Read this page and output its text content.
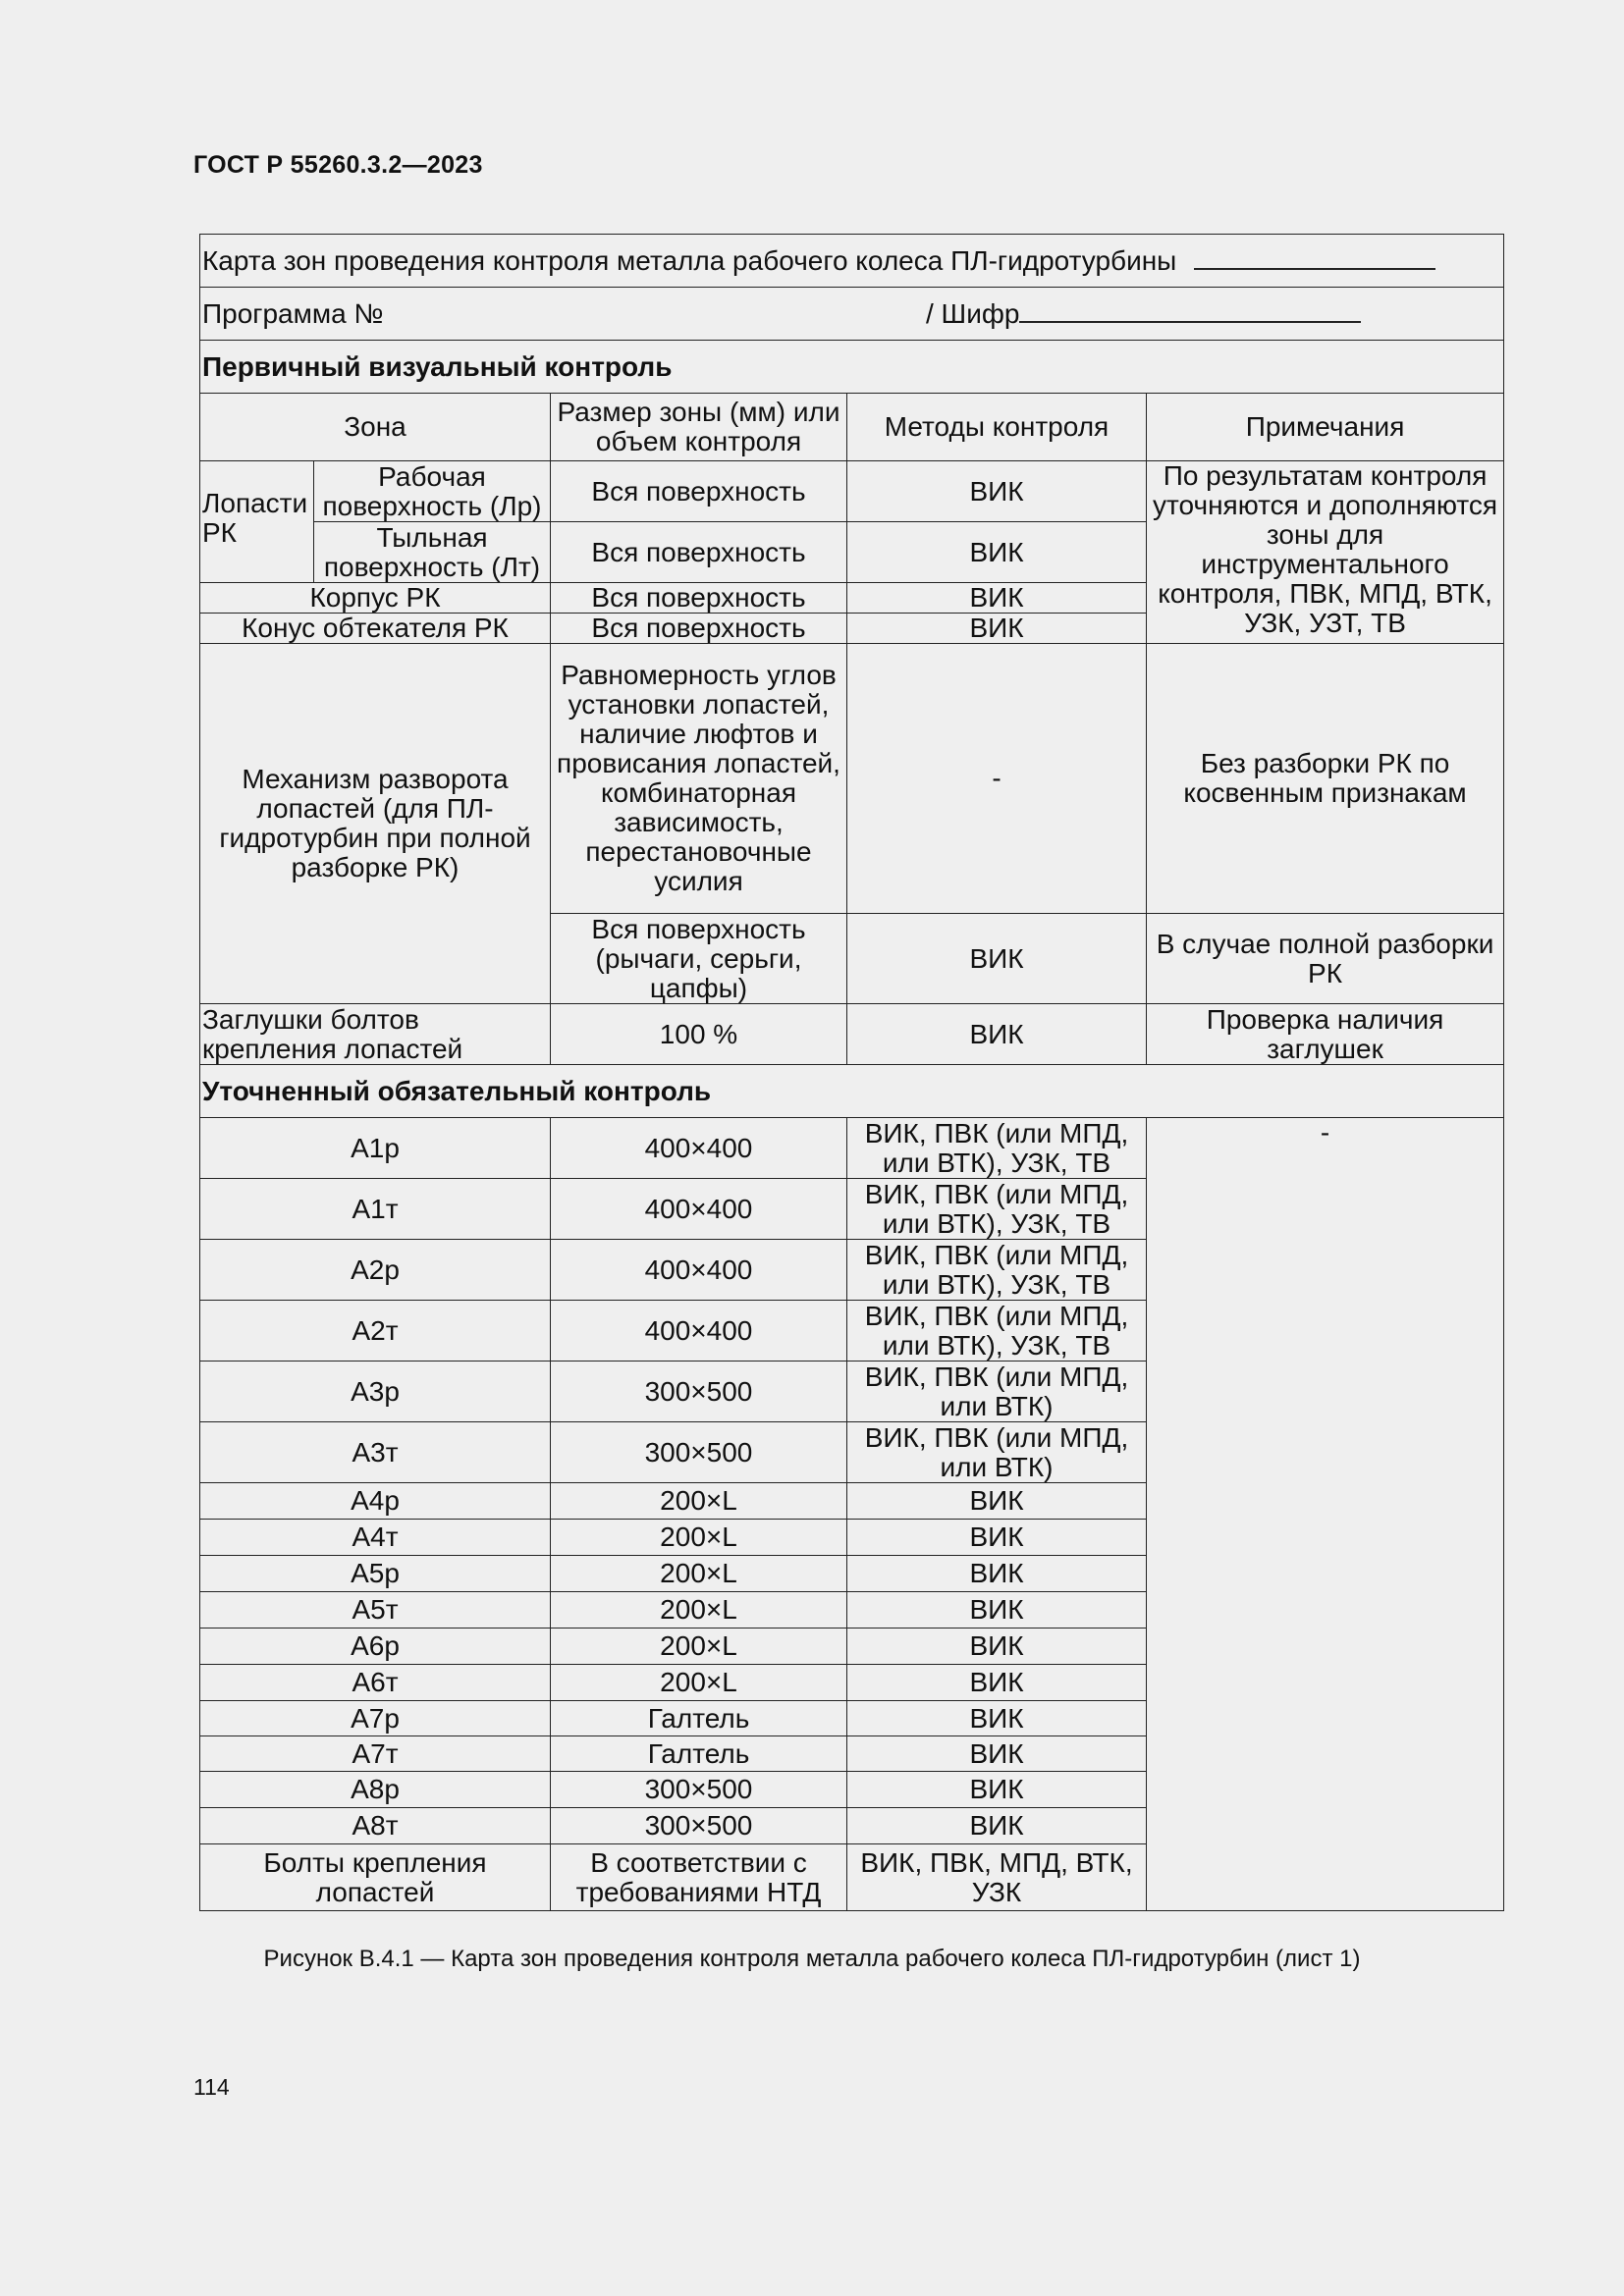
ГОСТ Р 55260.3.2—2023
Карта зон проведения контроля металла рабочего колеса ПЛ-гидротурбины				
Программа № / Шифр				

Первичный визуальный контроль				
Зона		Размер зоны (мм) или объем контроля	Методы контроля	Примечания
Лопасти РК	Рабочая поверхность (Лр)	Вся поверхность	ВИК	По результатам контроля уточняются и дополняются зоны для инструментального контроля, ПВК, МПД, ВТК, УЗК, УЗТ, ТВ
	Тыльная поверхность (Лт)	Вся поверхность	ВИК	
Корпус РК		Вся поверхность	ВИК	
Конус обтекателя РК		Вся поверхность	ВИК	
Механизм разворота лопастей (для ПЛ-гидротурбин при полной разборке РК)		Равномерность углов установки лопастей, наличие люфтов и провисания лопастей, комбинаторная зависимость, перестановочные усилия	-	Без разборки РК по косвенным признакам
		Вся поверхность (рычаги, серьги, цапфы)	ВИК	В случае полной разборки РК
Заглушки болтов крепления лопастей		100 %	ВИК	Проверка наличия заглушек
Уточненный обязательный контроль				
А1р		400×400	ВИК, ПВК (или МПД, или ВТК), УЗК, ТВ	-
А1т		400×400	ВИК, ПВК (или МПД, или ВТК), УЗК, ТВ	
А2р		400×400	ВИК, ПВК (или МПД, или ВТК), УЗК, ТВ	
А2т		400×400	ВИК, ПВК (или МПД, или ВТК), УЗК, ТВ	
А3р		300×500	ВИК, ПВК (или МПД, или ВТК)	
А3т		300×500	ВИК, ПВК (или МПД, или ВТК)	
А4р		200×L	ВИК	
А4т		200×L	ВИК	
А5р		200×L	ВИК	
А5т		200×L	ВИК	
А6р		200×L	ВИК	
А6т		200×L	ВИК	
А7р		Галтель	ВИК	
А7т		Галтель	ВИК	
А8р		300×500	ВИК	
А8т		300×500	ВИК	
Болты крепления лопастей		В соответствии с требованиями НТД	ВИК, ПВК, МПД, ВТК, УЗК	
Рисунок В.4.1 — Карта зон проведения контроля металла рабочего колеса ПЛ-гидротурбин (лист 1)
114
